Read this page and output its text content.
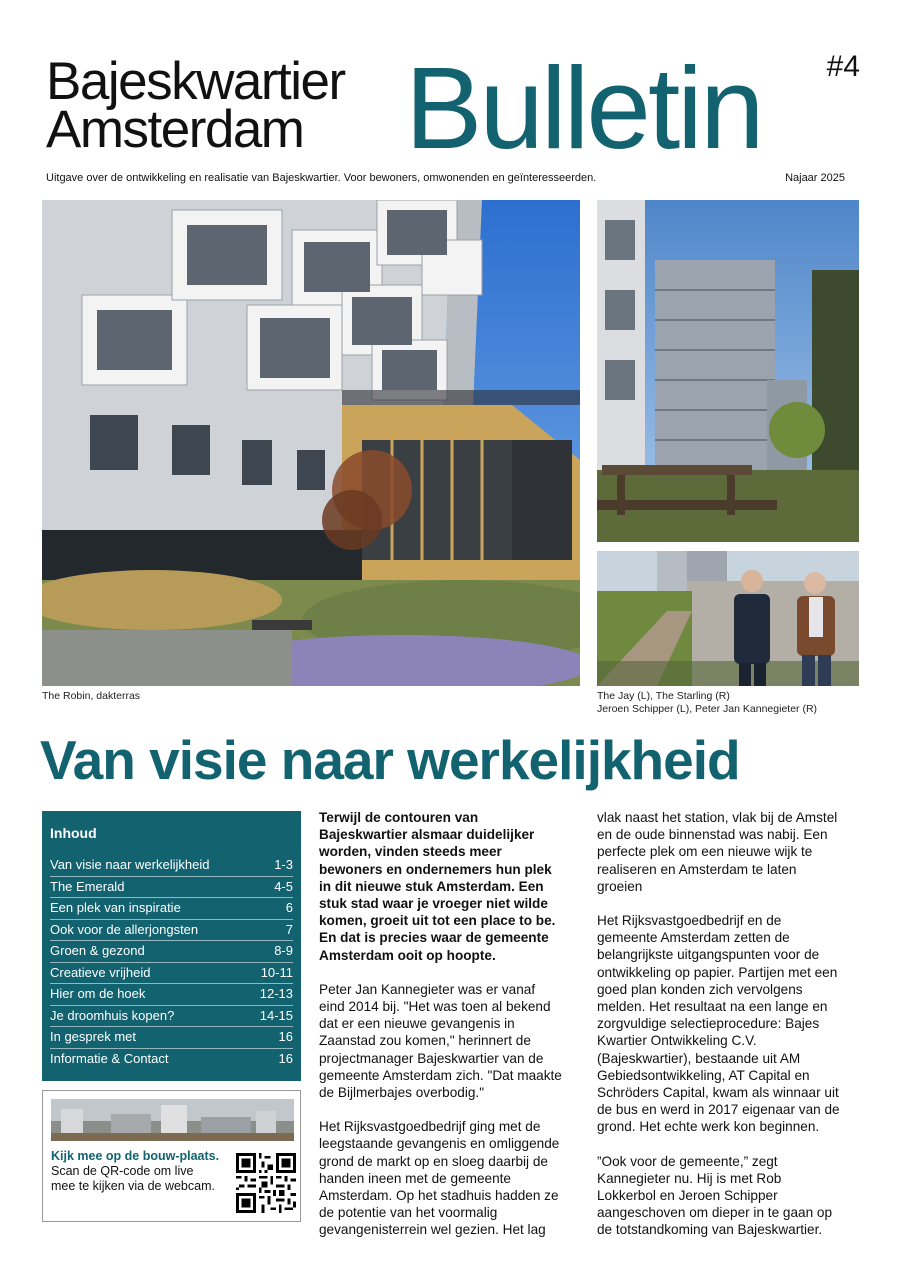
Bajeskwartier
Amsterdam Bulletin #4
Uitgave over de ontwikkeling en realisatie van Bajeskwartier. Voor bewoners, omwonenden en geïnteresseerden.	Najaar 2025
The Robin, dakterras	The Jay (L), The Starling (R)
Jeroen Schipper (L), Peter Jan Kannegieter (R)
Van visie naar werkelijkheid
Inhoud
Van visie naar werkelijkheid	1-3
The Emerald	4-5
Een plek van inspiratie	6
Ook voor de allerjongsten	7
Groen & gezond	8-9
Creatieve vrijheid	10-11
Hier om de hoek	12-13
Je droomhuis kopen?	14-15
In gesprek met	16
Informatie & Contact	16
Kijk mee op de bouw-plaats. Scan de QR-code om live mee te kijken via de webcam.

Terwijl de contouren van Bajeskwartier alsmaar duidelijker worden, vinden steeds meer bewoners en ondernemers hun plek in dit nieuwe stuk Amsterdam. Een stuk stad waar je vroeger niet wilde komen, groeit uit tot een place to be. En dat is precies waar de gemeente Amsterdam ooit op hoopte.

Peter Jan Kannegieter was er vanaf eind 2014 bij. "Het was toen al bekend dat er een nieuwe gevangenis in Zaanstad zou komen," herinnert de projectmanager Bajeskwartier van de gemeente Amsterdam zich. "Dat maakte de Bijlmerbajes overbodig."

Het Rijksvastgoedbedrijf ging met de leegstaande gevangenis en omliggende grond de markt op en sloeg daarbij de handen ineen met de gemeente Amsterdam. Op het stadhuis hadden ze de potentie van het voormalig gevangenisterrein wel gezien. Het lag

vlak naast het station, vlak bij de Amstel en de oude binnenstad was nabij. Een perfecte plek om een nieuwe wijk te realiseren en Amsterdam te laten groeien

Het Rijksvastgoedbedrijf en de gemeente Amsterdam zetten de belangrijkste uitgangspunten voor de ontwikkeling op papier. Partijen met een goed plan konden zich vervolgens melden. Het resultaat na een lange en zorgvuldige selectieprocedure: Bajes Kwartier Ontwikkeling C.V. (Bajeskwartier), bestaande uit AM Gebiedsontwikkeling, AT Capital en Schröders Capital, kwam als winnaar uit de bus en werd in 2017 eigenaar van de grond. Het echte werk kon beginnen.

”Ook voor de gemeente,” zegt Kannegieter nu. Hij is met Rob Lokkerbol en Jeroen Schipper aangeschoven om dieper in te gaan op de totstandkoming van Bajeskwartier.
